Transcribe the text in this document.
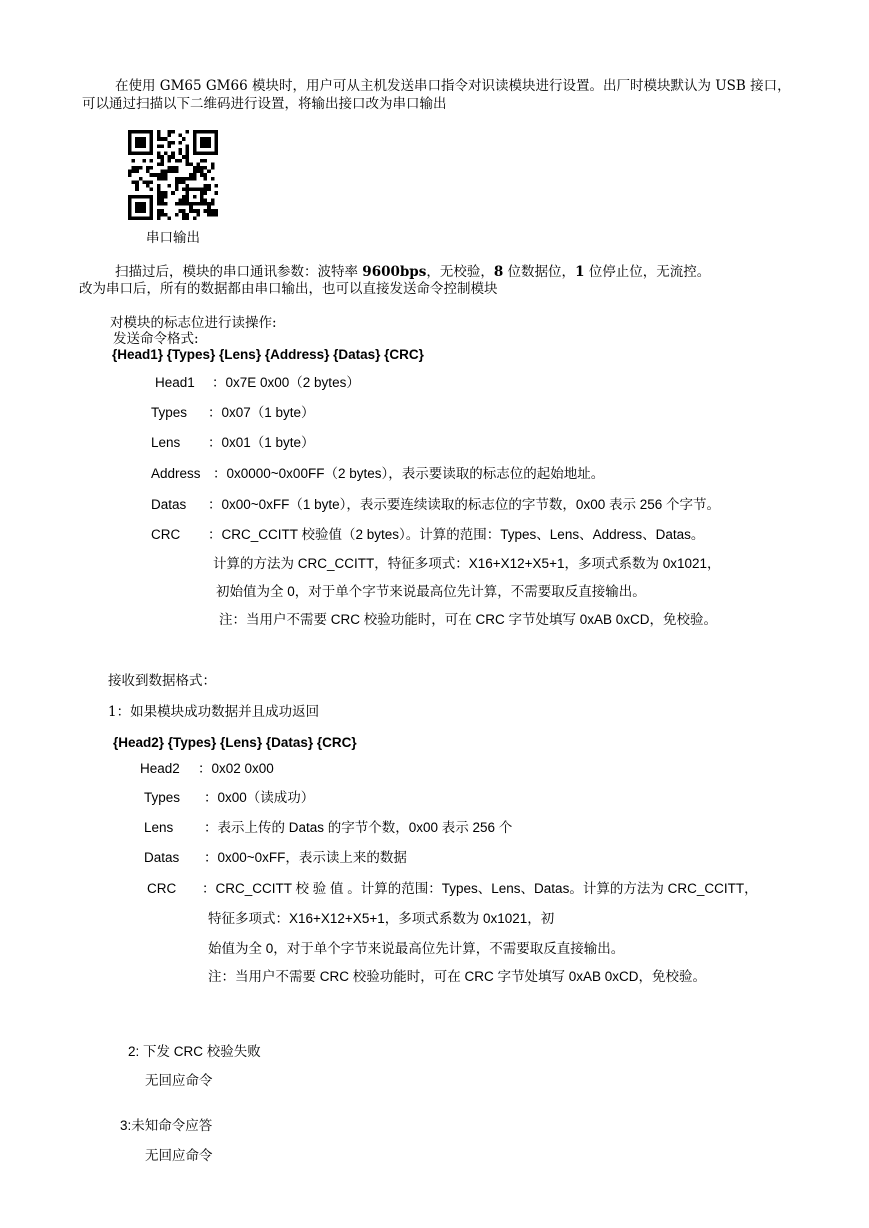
在使用 GM65 GM66 模块时，用户可从主机发送串口指令对识读模块进行设置。出厂时模块默认为 USB 接口，
可以通过扫描以下二维码进行设置，将输出接口改为串口输出
串口输出
扫描过后，模块的串口通讯参数：波特率 9600bps，无校验，8 位数据位，1 位停止位，无流控。
改为串口后，所有的数据都由串口输出，也可以直接发送命令控制模块
对模块的标志位进行读操作:
发送命令格式:
{Head1} {Types} {Lens} {Address} {Datas} {CRC}
Head1 ：0x7E 0x00（2 bytes）
Types ：0x07（1 byte）
Lens ：0x01（1 byte）
Address ：0x0000~0x00FF（2 bytes），表示要读取的标志位的起始地址。
Datas ：0x00~0xFF（1 byte），表示要连续读取的标志位的字节数，0x00 表示 256 个字节。
CRC ：CRC_CCITT 校验值（2 bytes）。计算的范围：Types、Lens、Address、Datas。
计算的方法为 CRC_CCITT，特征多项式：X16+X12+X5+1，多项式系数为 0x1021，
初始值为全 0，对于单个字节来说最高位先计算，不需要取反直接输出。
注：当用户不需要 CRC 校验功能时，可在 CRC 字节处填写 0xAB 0xCD，免校验。
接收到数据格式：
1：如果模块成功数据并且成功返回
{Head2} {Types} {Lens} {Datas} {CRC}
Head2 ：0x02 0x00
Types ：0x00（读成功）
Lens ：表示上传的 Datas 的字节个数，0x00 表示 256 个
Datas ：0x00~0xFF，表示读上来的数据
CRC ：CRC_CCITT 校 验 值 。计算的范围：Types、Lens、Datas。计算的方法为 CRC_CCITT，
特征多项式：X16+X12+X5+1，多项式系数为 0x1021，初
始值为全 0，对于单个字节来说最高位先计算，不需要取反直接输出。
注：当用户不需要 CRC 校验功能时，可在 CRC 字节处填写 0xAB 0xCD，免校验。
2: 下发 CRC 校验失败
无回应命令
3:未知命令应答
无回应命令
